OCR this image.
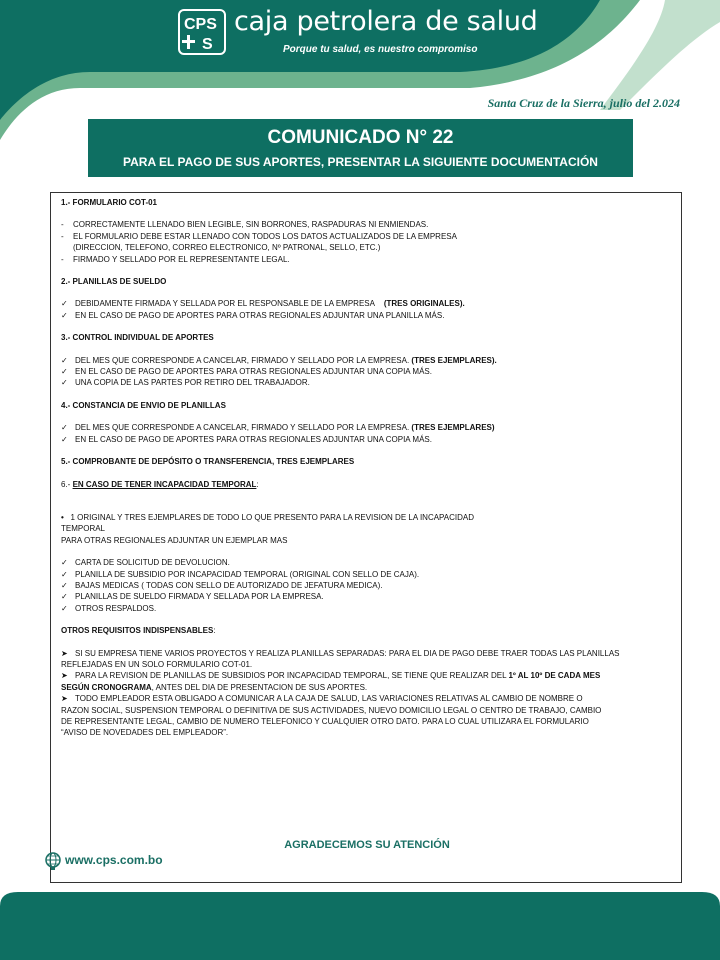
CPS
S
caja petrolera de salud
Porque tu salud, es nuestro compromiso
Santa Cruz de la Sierra, julio del 2.024
COMUNICADO N° 22
PARA EL PAGO DE SUS APORTES, PRESENTAR LA SIGUIENTE DOCUMENTACIÓN

1.- FORMULARIO COT-01

- CORRECTAMENTE LLENADO BIEN LEGIBLE, SIN BORRONES, RASPADURAS NI ENMIENDAS.

- EL FORMULARIO DEBE ESTAR LLENADO CON TODOS LOS DATOS ACTUALIZADOS DE LA EMPRESA

(DIRECCION, TELEFONO, CORREO ELECTRONICO, Nº PATRONAL, SELLO, ETC.)

- FIRMADO Y SELLADO POR EL REPRESENTANTE LEGAL.

2.- PLANILLAS DE SUELDO

✓ DEBIDAMENTE FIRMADA Y SELLADA POR EL RESPONSABLE DE LA EMPRESA (TRES ORIGINALES).

✓ EN EL CASO DE PAGO DE APORTES PARA OTRAS REGIONALES ADJUNTAR UNA PLANILLA MÁS.

3.- CONTROL INDIVIDUAL DE APORTES

✓ DEL MES QUE CORRESPONDE A CANCELAR, FIRMADO Y SELLADO POR LA EMPRESA. (TRES EJEMPLARES).

✓ EN EL CASO DE PAGO DE APORTES PARA OTRAS REGIONALES ADJUNTAR UNA COPIA MÁS.

✓ UNA COPIA DE LAS PARTES POR RETIRO DEL TRABAJADOR.

4.- CONSTANCIA DE ENVIO DE PLANILLAS

✓ DEL MES QUE CORRESPONDE A CANCELAR, FIRMADO Y SELLADO POR LA EMPRESA. (TRES EJEMPLARES)

✓ EN EL CASO DE PAGO DE APORTES PARA OTRAS REGIONALES ADJUNTAR UNA COPIA MÁS.

5.- COMPROBANTE DE DEPÓSITO O TRANSFERENCIA, TRES EJEMPLARES

6.- EN CASO DE TENER INCAPACIDAD TEMPORAL:

• 1 ORIGINAL Y TRES EJEMPLARES DE TODO LO QUE PRESENTO PARA LA REVISION DE LA INCAPACIDAD

TEMPORAL

PARA OTRAS REGIONALES ADJUNTAR UN EJEMPLAR MAS

✓ CARTA DE SOLICITUD DE DEVOLUCION.

✓ PLANILLA DE SUBSIDIO POR INCAPACIDAD TEMPORAL (ORIGINAL CON SELLO DE CAJA).

✓ BAJAS MEDICAS ( TODAS CON SELLO DE AUTORIZADO DE JEFATURA MEDICA).

✓ PLANILLAS DE SUELDO FIRMADA Y SELLADA POR LA EMPRESA.

✓ OTROS RESPALDOS.

OTROS REQUISITOS INDISPENSABLES:

➤ SI SU EMPRESA TIENE VARIOS PROYECTOS Y REALIZA PLANILLAS SEPARADAS: PARA EL DIA DE PAGO DEBE TRAER TODAS LAS PLANILLAS

REFLEJADAS EN UN SOLO FORMULARIO COT-01.

➤ PARA LA REVISION DE PLANILLAS DE SUBSIDIOS POR INCAPACIDAD TEMPORAL, SE TIENE QUE REALIZAR DEL 1º AL 10º DE CADA MES

SEGÚN CRONOGRAMA, ANTES DEL DIA DE PRESENTACION DE SUS APORTES.

➤ TODO EMPLEADOR ESTA OBLIGADO A COMUNICAR A LA CAJA DE SALUD, LAS VARIACIONES RELATIVAS AL CAMBIO DE NOMBRE O

RAZON SOCIAL, SUSPENSION TEMPORAL O DEFINITIVA DE SUS ACTIVIDADES, NUEVO DOMICILIO LEGAL O CENTRO DE TRABAJO, CAMBIO

DE REPRESENTANTE LEGAL, CAMBIO DE NUMERO TELEFONICO Y CUALQUIER OTRO DATO. PARA LO CUAL UTILIZARA EL FORMULARIO

“AVISO DE NOVEDADES DEL EMPLEADOR”.

AGRADECEMOS SU ATENCIÓN
www.cps.com.bo
